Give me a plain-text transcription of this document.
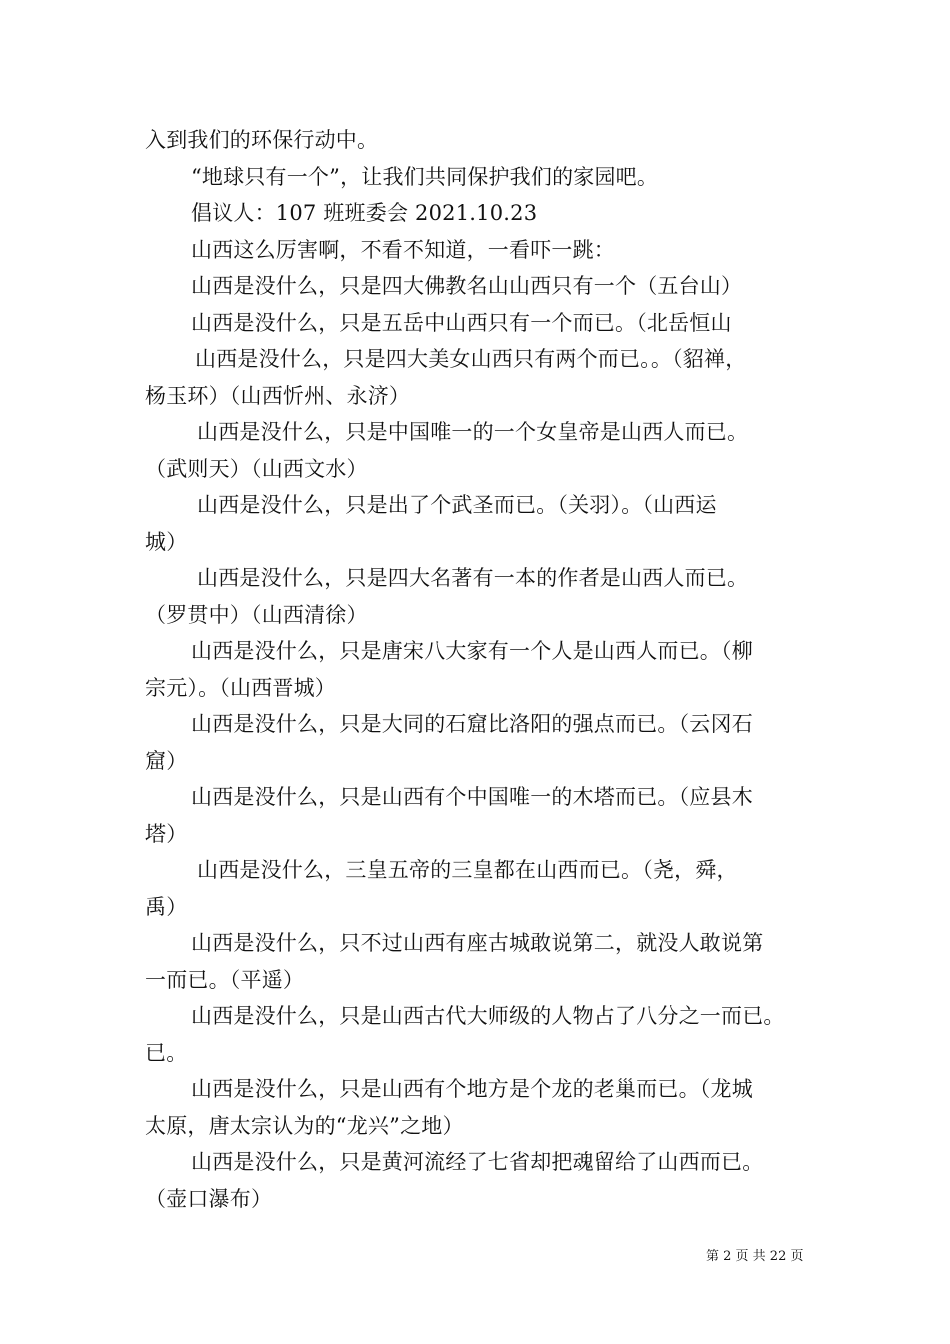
入到我们的环保行动中。
“地球只有一个”，让我们共同保护我们的家园吧。
倡议人：107 班班委会 2021.10.23
山西这么厉害啊，不看不知道，一看吓一跳：
山西是没什么，只是四大佛教名山山西只有一个（五台山）
山西是没什么，只是五岳中山西只有一个而已。（北岳恒山
山西是没什么，只是四大美女山西只有两个而已。。（貂禅，
杨玉环）（山西忻州、永济）
山西是没什么，只是中国唯一的一个女皇帝是山西人而已。
（武则天）（山西文水）
山西是没什么，只是出了个武圣而已。（关羽）。（山西运
城）
山西是没什么，只是四大名著有一本的作者是山西人而已。
（罗贯中）（山西清徐）
山西是没什么，只是唐宋八大家有一个人是山西人而已。（柳
宗元）。（山西晋城）
山西是没什么，只是大同的石窟比洛阳的强点而已。（云冈石
窟）
山西是没什么，只是山西有个中国唯一的木塔而已。（应县木
塔）
山西是没什么，三皇五帝的三皇都在山西而已。（尧，舜，
禹）
山西是没什么，只不过山西有座古城敢说第二，就没人敢说第
一而已。（平遥）
山西是没什么，只是山西古代大师级的人物占了八分之一而已。
已。
山西是没什么，只是山西有个地方是个龙的老巢而已。（龙城
太原，唐太宗认为的“龙兴”之地）
山西是没什么，只是黄河流经了七省却把魂留给了山西而已。
（壶口瀑布）
第 2 页 共 22 页
